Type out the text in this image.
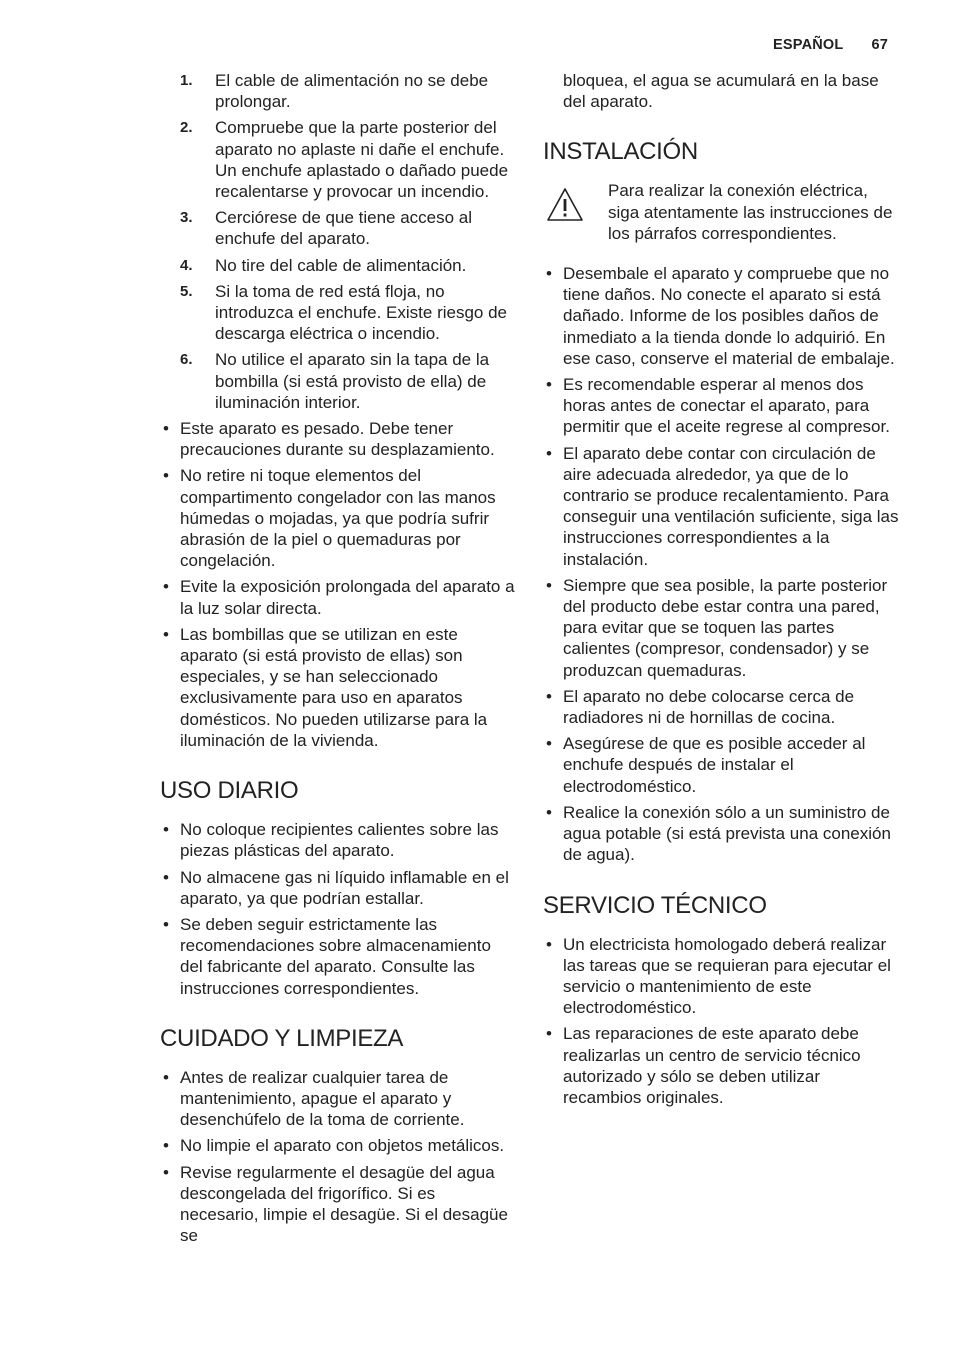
ESPAÑOL 67
1. El cable de alimentación no se debe prolongar.
2. Compruebe que la parte posterior del aparato no aplaste ni dañe el enchufe. Un enchufe aplastado o dañado puede recalentarse y provocar un incendio.
3. Cerciórese de que tiene acceso al enchufe del aparato.
4. No tire del cable de alimentación.
5. Si la toma de red está floja, no introduzca el enchufe. Existe riesgo de descarga eléctrica o incendio.
6. No utilice el aparato sin la tapa de la bombilla (si está provisto de ella) de iluminación interior.
• Este aparato es pesado. Debe tener precauciones durante su desplazamiento.
• No retire ni toque elementos del compartimento congelador con las manos húmedas o mojadas, ya que podría sufrir abrasión de la piel o quemaduras por congelación.
• Evite la exposición prolongada del aparato a la luz solar directa.
• Las bombillas que se utilizan en este aparato (si está provisto de ellas) son especiales, y se han seleccionado exclusivamente para uso en aparatos domésticos. No pueden utilizarse para la iluminación de la vivienda.
USO DIARIO
• No coloque recipientes calientes sobre las piezas plásticas del aparato.
• No almacene gas ni líquido inflamable en el aparato, ya que podrían estallar.
• Se deben seguir estrictamente las recomendaciones sobre almacenamiento del fabricante del aparato. Consulte las instrucciones correspondientes.
CUIDADO Y LIMPIEZA
• Antes de realizar cualquier tarea de mantenimiento, apague el aparato y desenchúfelo de la toma de corriente.
• No limpie el aparato con objetos metálicos.
• Revise regularmente el desagüe del agua descongelada del frigorífico. Si es necesario, limpie el desagüe. Si el desagüe se

bloquea, el agua se acumulará en la base del aparato.

INSTALACIÓN
Para realizar la conexión eléctrica, siga atentamente las instrucciones de los párrafos correspondientes.
• Desembale el aparato y compruebe que no tiene daños. No conecte el aparato si está dañado. Informe de los posibles daños de inmediato a la tienda donde lo adquirió. En ese caso, conserve el material de embalaje.
• Es recomendable esperar al menos dos horas antes de conectar el aparato, para permitir que el aceite regrese al compresor.
• El aparato debe contar con circulación de aire adecuada alrededor, ya que de lo contrario se produce recalentamiento. Para conseguir una ventilación suficiente, siga las instrucciones correspondientes a la instalación.
• Siempre que sea posible, la parte posterior del producto debe estar contra una pared, para evitar que se toquen las partes calientes (compresor, condensador) y se produzcan quemaduras.
• El aparato no debe colocarse cerca de radiadores ni de hornillas de cocina.
• Asegúrese de que es posible acceder al enchufe después de instalar el electrodoméstico.
• Realice la conexión sólo a un suministro de agua potable (si está prevista una conexión de agua).
SERVICIO TÉCNICO
• Un electricista homologado deberá realizar las tareas que se requieran para ejecutar el servicio o mantenimiento de este electrodoméstico.
• Las reparaciones de este aparato debe realizarlas un centro de servicio técnico autorizado y sólo se deben utilizar recambios originales.
